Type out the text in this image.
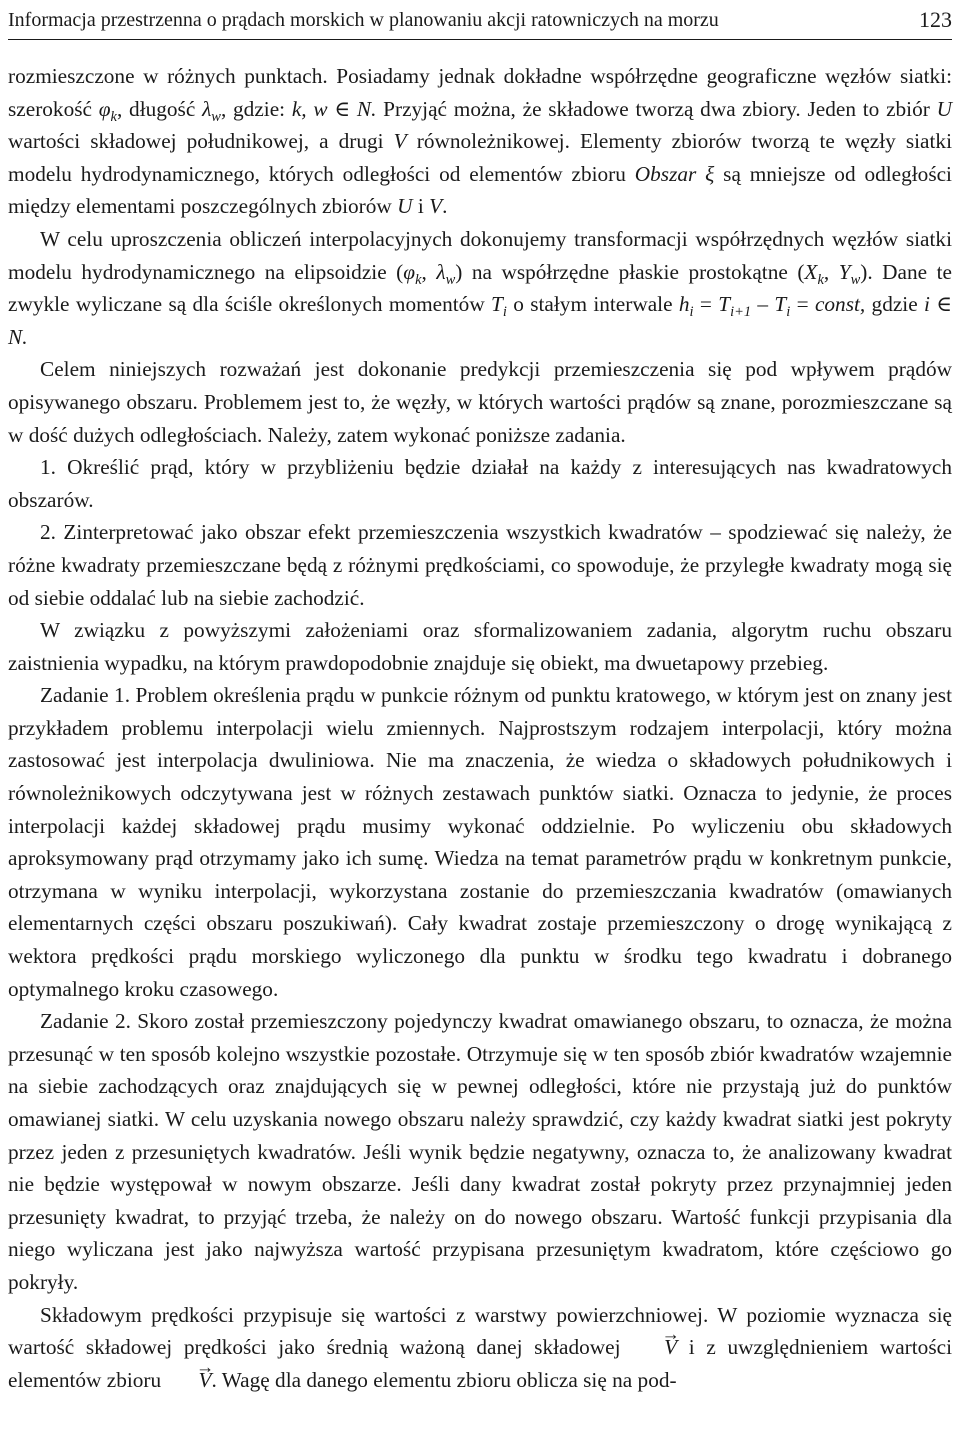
Informacja przestrzenna o prądach morskich w planowaniu akcji ratowniczych na morzu	123

rozmieszczone w różnych punktach. Posiadamy jednak dokładne współrzędne geograficzne węzłów siatki: szerokość $\varphi_k$, długość $\lambda_w$, gdzie: k, w ∈ N. Przyjąć można, że składowe tworzą dwa zbiory. Jeden to zbiór U wartości składowej południkowej, a drugi V równoleżnikowej. Elementy zbiorów tworzą te węzły siatki modelu hydrodynamicznego, których odległości od elementów zbioru Obszar ξ są mniejsze od odległości między elementami poszczególnych zbiorów U i V.

W celu uproszczenia obliczeń interpolacyjnych dokonujemy transformacji współrzędnych węzłów siatki modelu hydrodynamicznego na elipsoidzie ($\varphi_k$, $\lambda_w$) na współrzędne płaskie prostokątne ($X_k$, $Y_w$). Dane te zwykle wyliczane są dla ściśle określonych momentów $T_i$ o stałym interwale $h_i = T_{i+1} - T_i$ = const, gdzie i ∈ N.

Celem niniejszych rozważań jest dokonanie predykcji przemieszczenia się pod wpływem prądów opisywanego obszaru. Problemem jest to, że węzły, w których wartości prądów są znane, porozmieszczane są w dość dużych odległościach. Należy, zatem wykonać poniższe zadania.

1. Określić prąd, który w przybliżeniu będzie działał na każdy z interesujących nas kwadratowych obszarów.

2. Zinterpretować jako obszar efekt przemieszczenia wszystkich kwadratów – spodziewać się należy, że różne kwadraty przemieszczane będą z różnymi prędkościami, co spowoduje, że przyległe kwadraty mogą się od siebie oddalać lub na siebie zachodzić.

W związku z powyższymi założeniami oraz sformalizowaniem zadania, algorytm ruchu obszaru zaistnienia wypadku, na którym prawdopodobnie znajduje się obiekt, ma dwuetapowy przebieg.

Zadanie 1. Problem określenia prądu w punkcie różnym od punktu kratowego, w którym jest on znany jest przykładem problemu interpolacji wielu zmiennych. Najprostszym rodzajem interpolacji, który można zastosować jest interpolacja dwuliniowa. Nie ma znaczenia, że wiedza o składowych południkowych i równoleżnikowych odczytywana jest w różnych zestawach punktów siatki. Oznacza to jedynie, że proces interpolacji każdej składowej prądu musimy wykonać oddzielnie. Po wyliczeniu obu składowych aproksymowany prąd otrzymamy jako ich sumę. Wiedza na temat parametrów prądu w konkretnym punkcie, otrzymana w wyniku interpolacji, wykorzystana zostanie do przemieszczania kwadratów (omawianych elementarnych części obszaru poszukiwań). Cały kwadrat zostaje przemieszczony o drogę wynikającą z wektora prędkości prądu morskiego wyliczonego dla punktu w środku tego kwadratu i dobranego optymalnego kroku czasowego.

Zadanie 2. Skoro został przemieszczony pojedynczy kwadrat omawianego obszaru, to oznacza, że można przesunąć w ten sposób kolejno wszystkie pozostałe. Otrzymuje się w ten sposób zbiór kwadratów wzajemnie na siebie zachodzących oraz znajdujących się w pewnej odległości, które nie przystają już do punktów omawianej siatki. W celu uzyskania nowego obszaru należy sprawdzić, czy każdy kwadrat siatki jest pokryty przez jeden z przesuniętych kwadratów. Jeśli wynik będzie negatywny, oznacza to, że analizowany kwadrat nie będzie występował w nowym obszarze. Jeśli dany kwadrat został pokryty przez przynajmniej jeden przesunięty kwadrat, to przyjąć trzeba, że należy on do nowego obszaru. Wartość funkcji przypisania dla niego wyliczana jest jako najwyższa wartość przypisana przesuniętym kwadratom, które częściowo go pokryły.

Składowym prędkości przypisuje się wartości z warstwy powierzchniowej. W poziomie wyznacza się wartość składowej prędkości jako średnią ważoną danej składowej → V i z uwzględnieniem wartości elementów zbioru → V. Wagę dla danego elementu zbioru oblicza się na pod-
